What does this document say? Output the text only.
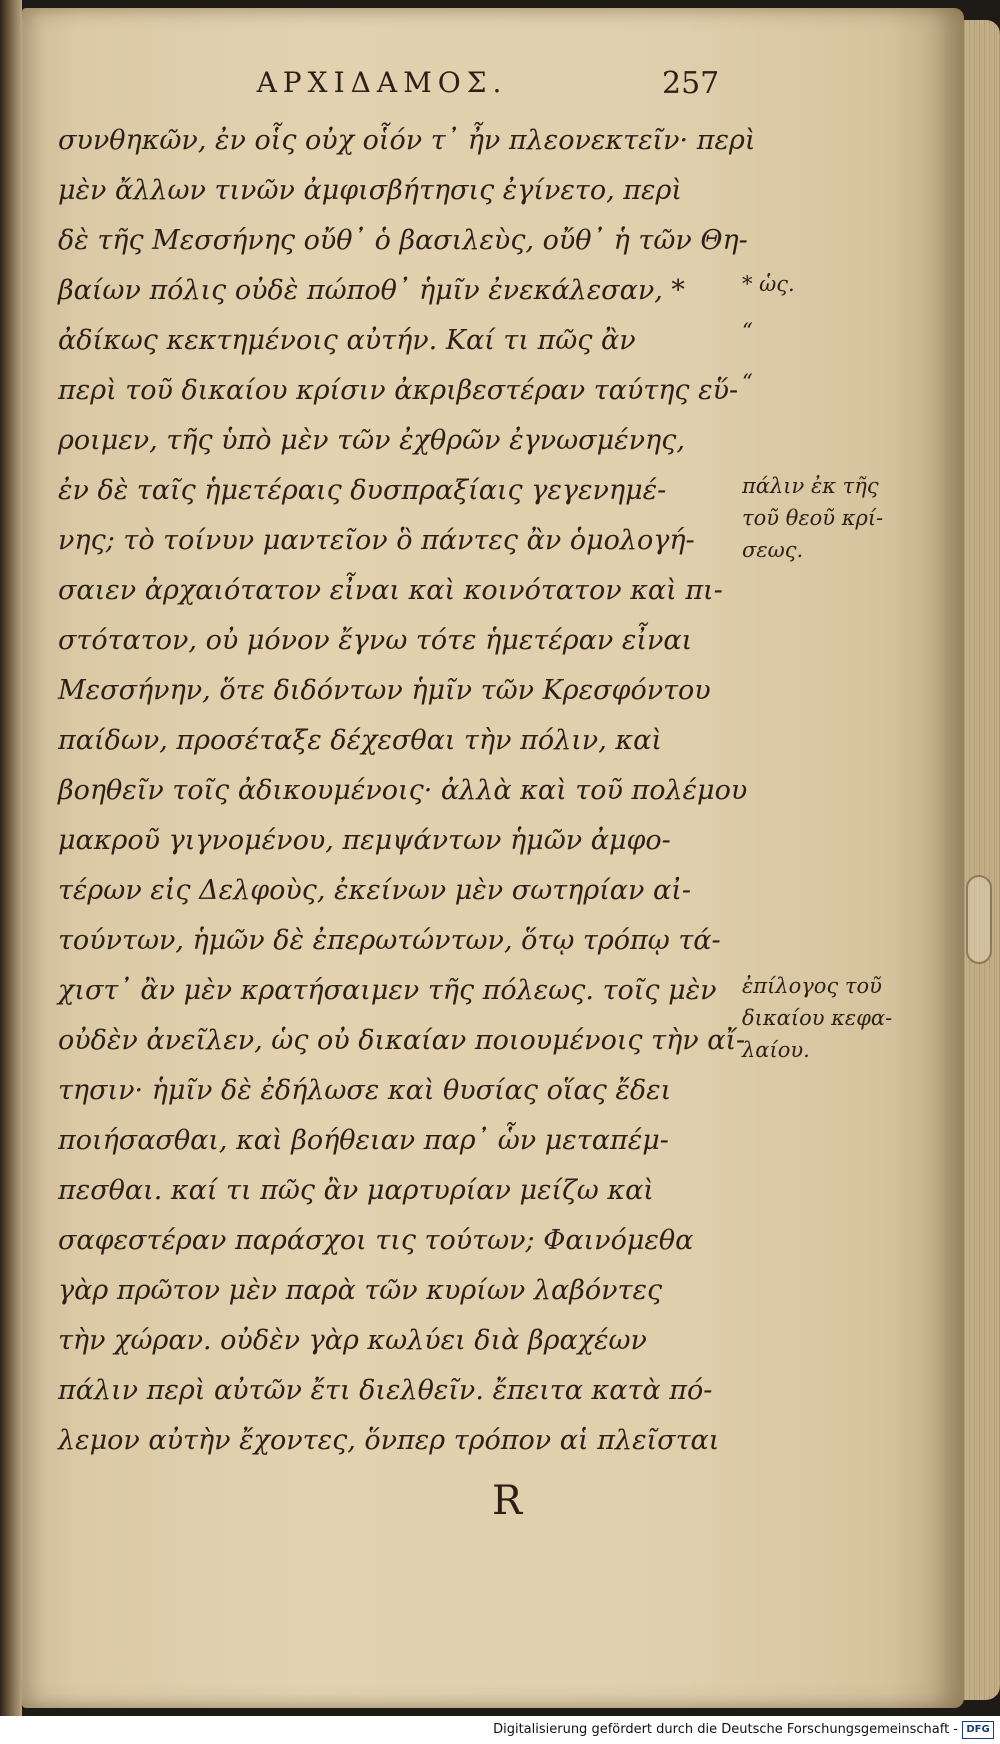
ΑΡΧΙΔΑΜΟΣ.	257
συνθηκῶν, ἐν οἷς οὐχ οἷόν τ᾽ ἦν πλεονεκτεῖν· περὶ
μὲν ἄλλων τινῶν ἀμφισβήτησις ἐγίνετο, περὶ
δὲ τῆς Μεσσήνης οὔθ᾽ ὁ βασιλεὺς, οὔθ᾽ ἡ τῶν Θη-
βαίων πόλις οὐδὲ πώποθ᾽ ἡμῖν ἐνεκάλεσαν, *
ἀδίκως κεκτημένοις αὐτήν. Καί τι πῶς ἂν
περὶ τοῦ δικαίου κρίσιν ἀκριβεστέραν ταύτης εὕ-
ροιμεν, τῆς ὑπὸ μὲν τῶν ἐχθρῶν ἐγνωσμένης,
ἐν δὲ ταῖς ἡμετέραις δυσπραξίαις γεγενημέ-
νης; τὸ τοίνυν μαντεῖον ὃ πάντες ἂν ὁμολογή-
σαιεν ἀρχαιότατον εἶναι καὶ κοινότατον καὶ πι-
στότατον, οὐ μόνον ἔγνω τότε ἡμετέραν εἶναι
Μεσσήνην, ὅτε διδόντων ἡμῖν τῶν Κρεσφόντου
παίδων, προσέταξε δέχεσθαι τὴν πόλιν, καὶ
βοηθεῖν τοῖς ἀδικουμένοις· ἀλλὰ καὶ τοῦ πολέμου
μακροῦ γιγνομένου, πεμψάντων ἡμῶν ἀμφο-
τέρων εἰς Δελφοὺς, ἐκείνων μὲν σωτηρίαν αἰ-
τούντων, ἡμῶν δὲ ἐπερωτώντων, ὅτῳ τρόπῳ τά-
χιστ᾽ ἂν μὲν κρατήσαιμεν τῆς πόλεως. τοῖς μὲν
οὐδὲν ἀνεῖλεν, ὡς οὐ δικαίαν ποιουμένοις τὴν αἴ-
τησιν· ἡμῖν δὲ ἐδήλωσε καὶ θυσίας οἵας ἔδει
ποιήσασθαι, καὶ βοήθειαν παρ᾽ ὧν μεταπέμ-
πεσθαι. καί τι πῶς ἂν μαρτυρίαν μείζω καὶ
σαφεστέραν παράσχοι τις τούτων; Φαινόμεθα
γὰρ πρῶτον μὲν παρὰ τῶν κυρίων λαβόντες
τὴν χώραν. οὐδὲν γὰρ κωλύει διὰ βραχέων
πάλιν περὶ αὐτῶν ἔτι διελθεῖν. ἔπειτα κατὰ πό-
λεμον αὐτὴν ἔχοντες, ὅνπερ τρόπον αἱ πλεῖσται
* ὡς.
“
“
πάλιν ἐκ τῆς
τοῦ θεοῦ κρί-
σεως.
ἐπίλογος τοῦ
δικαίου κεφα-
λαίου.
R
Digitalisierung gefördert durch die Deutsche Forschungsgemeinschaft - DFG
